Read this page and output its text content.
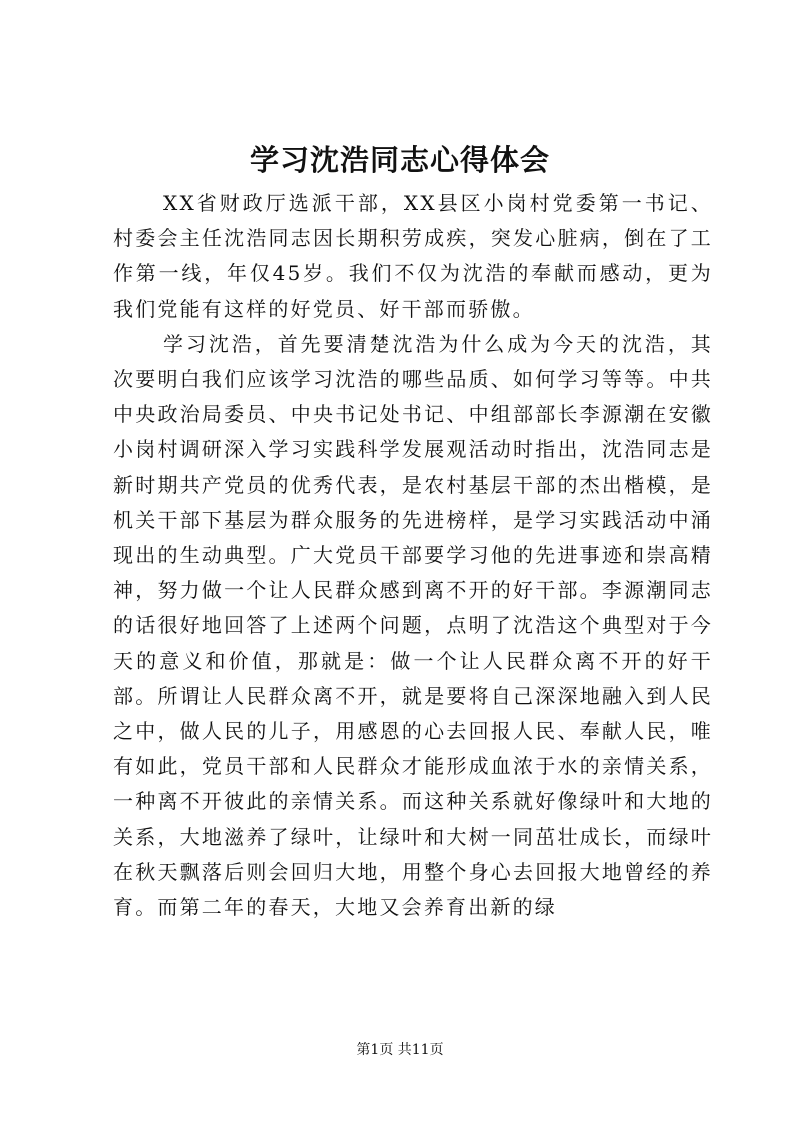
学习沈浩同志心得体会

XX省财政厅选派干部，XX县区小岗村党委第一书记、村委会主任沈浩同志因长期积劳成疾，突发心脏病，倒在了工作第一线，年仅45岁。我们不仅为沈浩的奉献而感动，更为我们党能有这样的好党员、好干部而骄傲。

学习沈浩，首先要清楚沈浩为什么成为今天的沈浩，其次要明白我们应该学习沈浩的哪些品质、如何学习等等。中共中央政治局委员、中央书记处书记、中组部部长李源潮在安徽小岗村调研深入学习实践科学发展观活动时指出，沈浩同志是新时期共产党员的优秀代表，是农村基层干部的杰出楷模，是机关干部下基层为群众服务的先进榜样，是学习实践活动中涌现出的生动典型。广大党员干部要学习他的先进事迹和崇高精神，努力做一个让人民群众感到离不开的好干部。李源潮同志的话很好地回答了上述两个问题，点明了沈浩这个典型对于今天的意义和价值，那就是：做一个让人民群众离不开的好干部。所谓让人民群众离不开，就是要将自己深深地融入到人民之中，做人民的儿子，用感恩的心去回报人民、奉献人民，唯有如此，党员干部和人民群众才能形成血浓于水的亲情关系，一种离不开彼此的亲情关系。而这种关系就好像绿叶和大地的关系，大地滋养了绿叶，让绿叶和大树一同茁壮成长，而绿叶在秋天飘落后则会回归大地，用整个身心去回报大地曾经的养育。而第二年的春天，大地又会养育出新的绿

第1页 共11页
